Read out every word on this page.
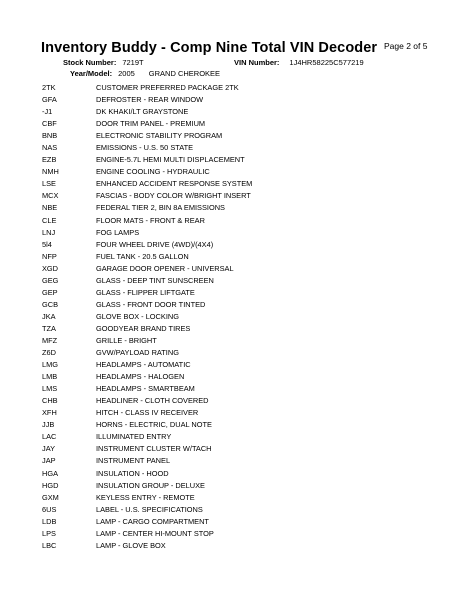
Inventory Buddy - Comp Nine Total VIN Decoder Page 2 of 5
Stock Number: 7219T	VIN Number: 1J4HR58225C577219
Year/Model: 2005 GRAND CHEROKEE
2TK	CUSTOMER PREFERRED PACKAGE 2TK
GFA	DEFROSTER - REAR WINDOW
-J1	DK KHAKI/LT GRAYSTONE
CBF	DOOR TRIM PANEL - PREMIUM
BNB	ELECTRONIC STABILITY PROGRAM
NAS	EMISSIONS - U.S. 50 STATE
EZB	ENGINE-5.7L HEMI MULTI DISPLACEMENT
NMH	ENGINE COOLING - HYDRAULIC
LSE	ENHANCED ACCIDENT RESPONSE SYSTEM
MCX	FASCIAS - BODY COLOR W/BRIGHT INSERT
NBE	FEDERAL TIER 2, BIN 8A EMISSIONS
CLE	FLOOR MATS - FRONT & REAR
LNJ	FOG LAMPS
5l4	FOUR WHEEL DRIVE (4WD)/(4X4)
NFP	FUEL TANK - 20.5 GALLON
XGD	GARAGE DOOR OPENER - UNIVERSAL
GEG	GLASS - DEEP TINT SUNSCREEN
GEP	GLASS - FLIPPER LIFTGATE
GCB	GLASS - FRONT DOOR TINTED
JKA	GLOVE BOX - LOCKING
TZA	GOODYEAR BRAND TIRES
MFZ	GRILLE - BRIGHT
Z6D	GVW/PAYLOAD RATING
LMG	HEADLAMPS - AUTOMATIC
LMB	HEADLAMPS - HALOGEN
LMS	HEADLAMPS - SMARTBEAM
CHB	HEADLINER - CLOTH COVERED
XFH	HITCH - CLASS IV RECEIVER
JJB	HORNS - ELECTRIC, DUAL NOTE
LAC	ILLUMINATED ENTRY
JAY	INSTRUMENT CLUSTER W/TACH
JAP	INSTRUMENT PANEL
HGA	INSULATION - HOOD
HGD	INSULATION GROUP - DELUXE
GXM	KEYLESS ENTRY - REMOTE
6US	LABEL - U.S. SPECIFICATIONS
LDB	LAMP - CARGO COMPARTMENT
LPS	LAMP - CENTER HI-MOUNT STOP
LBC	LAMP - GLOVE BOX
